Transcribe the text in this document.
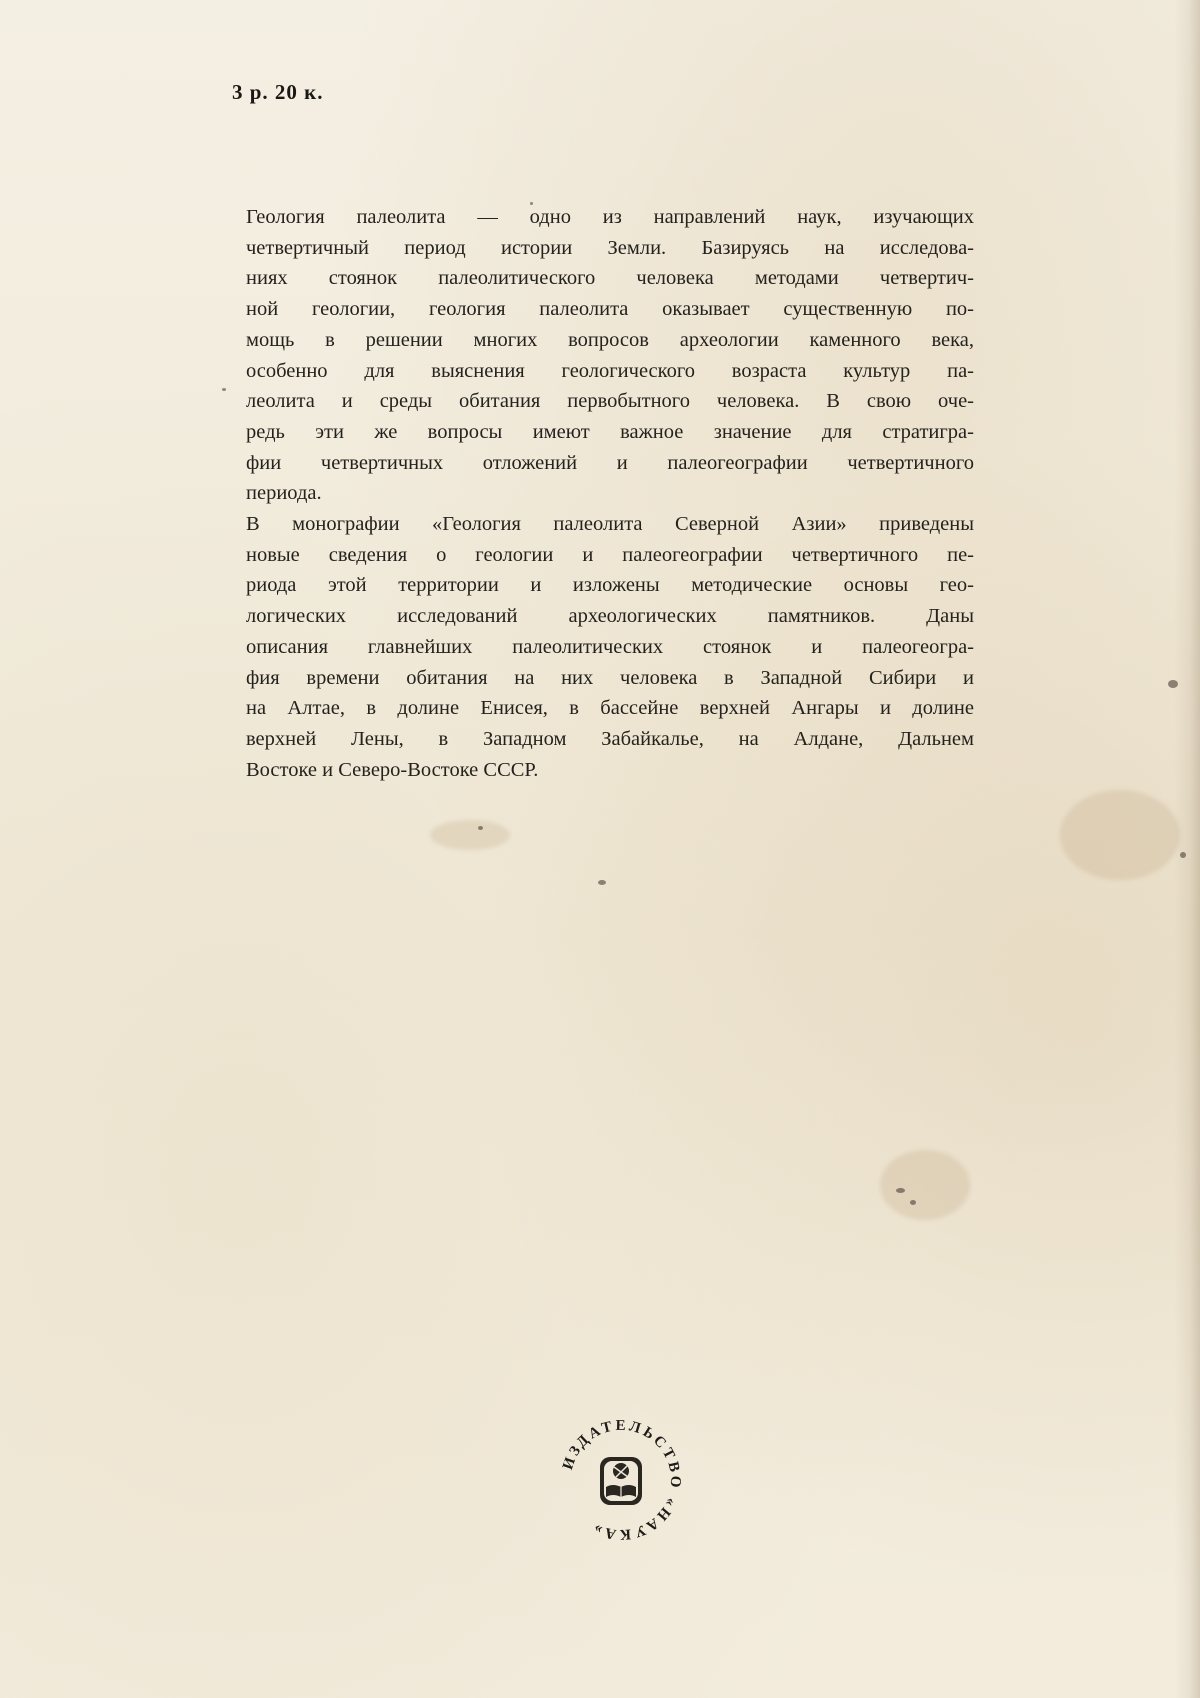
3 р. 20 к.
Геология палеолита — одно из направлений наук, изучающих
четвертичный период истории Земли. Базируясь на исследова-
ниях стоянок палеолитического человека методами четвертич-
ной геологии, геология палеолита оказывает существенную по-
мощь в решении многих вопросов археологии каменного века,
особенно для выяснения геологического возраста культур па-
леолита и среды обитания первобытного человека. В свою оче-
редь эти же вопросы имеют важное значение для стратигра-
фии четвертичных отложений и палеогеографии четвертичного
периода.
В монографии «Геология палеолита Северной Азии» приведены
новые сведения о геологии и палеогеографии четвертичного пе-
риода этой территории и изложены методические основы гео-
логических исследований археологических памятников. Даны
описания главнейших палеолитических стоянок и палеогеогра-
фия времени обитания на них человека в Западной Сибири и
на Алтае, в долине Енисея, в бассейне верхней Ангары и долине
верхней Лены, в Западном Забайкалье, на Алдане, Дальнем
Востоке и Северо-Востоке СССР.
ИЗДАТЕЛЬСТВО «НАУКА»
